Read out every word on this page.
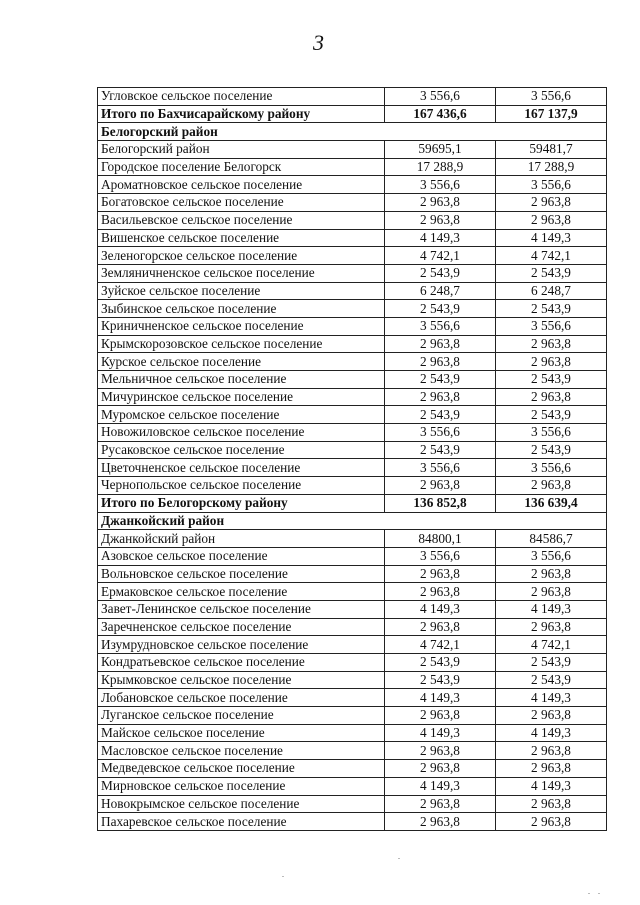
3
Угловское сельское поселение	3 556,6	3 556,6
Итого по Бахчисарайскому району	167 436,6	167 137,9
Белогорский район		
Белогорский район	59695,1	59481,7
Городское поселение Белогорск	17 288,9	17 288,9
Ароматновское сельское поселение	3 556,6	3 556,6
Богатовское сельское поселение	2 963,8	2 963,8
Васильевское сельское поселение	2 963,8	2 963,8
Вишенское сельское поселение	4 149,3	4 149,3
Зеленогорское сельское поселение	4 742,1	4 742,1
Земляничненское сельское поселение	2 543,9	2 543,9
Зуйское сельское поселение	6 248,7	6 248,7
Зыбинское сельское поселение	2 543,9	2 543,9
Криничненское сельское поселение	3 556,6	3 556,6
Крымскорозовское сельское поселение	2 963,8	2 963,8
Курское сельское поселение	2 963,8	2 963,8
Мельничное сельское поселение	2 543,9	2 543,9
Мичуринское сельское поселение	2 963,8	2 963,8
Муромское сельское поселение	2 543,9	2 543,9
Новожиловское сельское поселение	3 556,6	3 556,6
Русаковское сельское поселение	2 543,9	2 543,9
Цветочненское сельское поселение	3 556,6	3 556,6
Чернопольское сельское поселение	2 963,8	2 963,8
Итого по Белогорскому району	136 852,8	136 639,4
Джанкойский район		
Джанкойский район	84800,1	84586,7
Азовское сельское поселение	3 556,6	3 556,6
Вольновское сельское поселение	2 963,8	2 963,8
Ермаковское сельское поселение	2 963,8	2 963,8
Завет-Ленинское сельское поселение	4 149,3	4 149,3
Заречненское сельское поселение	2 963,8	2 963,8
Изумрудновское сельское поселение	4 742,1	4 742,1
Кондратьевское сельское поселение	2 543,9	2 543,9
Крымковское сельское поселение	2 543,9	2 543,9
Лобановское сельское поселение	4 149,3	4 149,3
Луганское сельское поселение	2 963,8	2 963,8
Майское сельское поселение	4 149,3	4 149,3
Масловское сельское поселение	2 963,8	2 963,8
Медведевское сельское поселение	2 963,8	2 963,8
Мирновское сельское поселение	4 149,3	4 149,3
Новокрымское сельское поселение	2 963,8	2 963,8
Пахаревское сельское поселение	2 963,8	2 963,8
